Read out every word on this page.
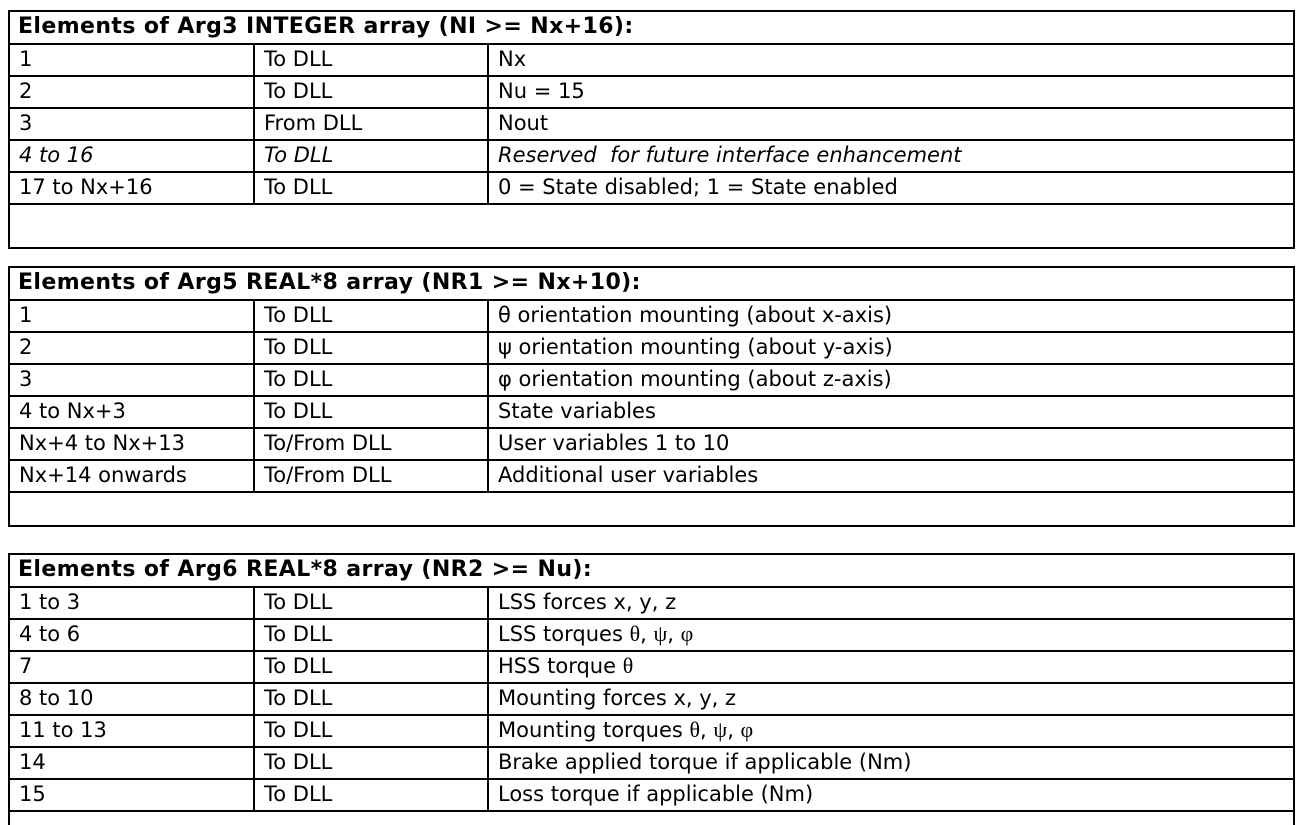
Elements of Arg3 INTEGER array (NI >= Nx+16):		
1	To DLL	Nx
2	To DLL	Nu = 15
3	From DLL	Nout
4 to 16	To DLL	Reserved  for future interface enhancement
17 to Nx+16	To DLL	0 = State disabled; 1 = State enabled

Elements of Arg5 REAL*8 array (NR1 >= Nx+10):		
1	To DLL	θ orientation mounting (about x-axis)
2	To DLL	ψ orientation mounting (about y-axis)
3	To DLL	φ orientation mounting (about z-axis)
4 to Nx+3	To DLL	State variables
Nx+4 to Nx+13	To/From DLL	User variables 1 to 10
Nx+14 onwards	To/From DLL	Additional user variables

Elements of Arg6 REAL*8 array (NR2 >= Nu):		
1 to 3	To DLL	LSS forces x, y, z
4 to 6	To DLL	LSS torques θ, ψ, φ
7	To DLL	HSS torque θ
8 to 10	To DLL	Mounting forces x, y, z
11 to 13	To DLL	Mounting torques θ, ψ, φ
14	To DLL	Brake applied torque if applicable (Nm)
15	To DLL	Loss torque if applicable (Nm)
